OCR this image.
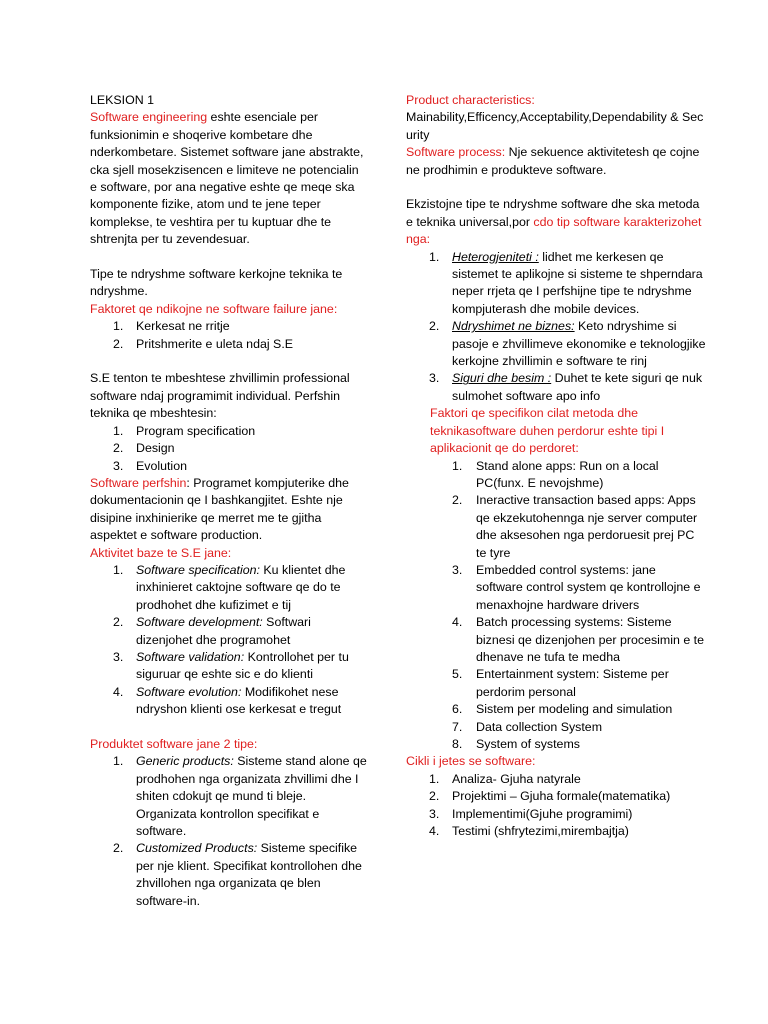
LEKSION 1

Software engineering eshte esenciale per funksionimin e shoqerive kombetare dhe nderkombetare. Sistemet software jane abstrakte, cka sjell mosekzisencen e limiteve ne potencialin e software, por ana negative eshte qe meqe ska komponente fizike, atom und te jene teper komplekse, te veshtira per tu kuptuar dhe te shtrenjta per tu zevendesuar.

Tipe te ndryshme software kerkojne teknika te ndryshme.

Faktoret qe ndikojne ne software failure jane:

1. Kerkesat ne rritje
2. Pritshmerite e uleta ndaj S.E

S.E tenton te mbeshtese zhvillimin professional software ndaj programimit individual. Perfshin teknika qe mbeshtesin:

1. Program specification
2. Design
3. Evolution

Software perfshin: Programet kompjuterike dhe dokumentacionin qe I bashkangjitet. Eshte nje disipine inxhinierike qe merret me te gjitha aspektet e software production.

Aktivitet baze te S.E jane:

1. Software specification: Ku klientet dhe inxhinieret caktojne software qe do te prodhohet dhe kufizimet e tij
2. Software development: Softwari dizenjohet dhe programohet
3. Software validation: Kontrollohet per tu siguruar qe eshte sic e do klienti
4. Software evolution: Modifikohet nese ndryshon klienti ose kerkesat e tregut

Produktet software jane 2 tipe:

1. Generic products: Sisteme stand alone qe prodhohen nga organizata zhvillimi dhe I shiten cdokujt qe mund ti bleje. Organizata kontrollon specifikat e software.
2. Customized Products: Sisteme specifike per nje klient. Specifikat kontrollohen dhe zhvillohen nga organizata qe blen software-in.

Product characteristics:

Mainability,Efficency,Acceptability,Dependability & Security

Software process: Nje sekuence aktivitetesh qe cojne ne prodhimin e produkteve software.

Ekzistojne tipe te ndryshme software dhe ska metoda e teknika universal,por cdo tip software karakterizohet nga:

1. Heterogjeniteti : lidhet me kerkesen qe sistemet te aplikojne si sisteme te shperndara neper rrjeta qe I perfshijne tipe te ndryshme kompjuterash dhe mobile devices.
2. Ndryshimet ne biznes: Keto ndryshime si pasoje e zhvillimeve ekonomike e teknologjike kerkojne zhvillimin e software te rinj
3. Siguri dhe besim : Duhet te kete siguri qe nuk sulmohet software apo info

Faktori qe specifikon cilat metoda dhe teknikasoftware duhen perdorur eshte tipi I aplikacionit qe do perdoret:

1. Stand alone apps: Run on a local PC(funx. E nevojshme)
2. Ineractive transaction based apps: Apps qe ekzekutohennga nje server computer dhe aksesohen nga perdoruesit prej PC te tyre
3. Embedded control systems: jane software control system qe kontrollojne e menaxhojne hardware drivers
4. Batch processing systems: Sisteme biznesi qe dizenjohen per procesimin e te dhenave ne tufa te medha
5. Entertainment system: Sisteme per perdorim personal
6. Sistem per modeling and simulation
7. Data collection System
8. System of systems

Cikli i jetes se software:

1. Analiza- Gjuha natyrale
2. Projektimi – Gjuha formale(matematika)
3. Implementimi(Gjuhe programimi)
4. Testimi (shfrytezimi,mirembajtja)
